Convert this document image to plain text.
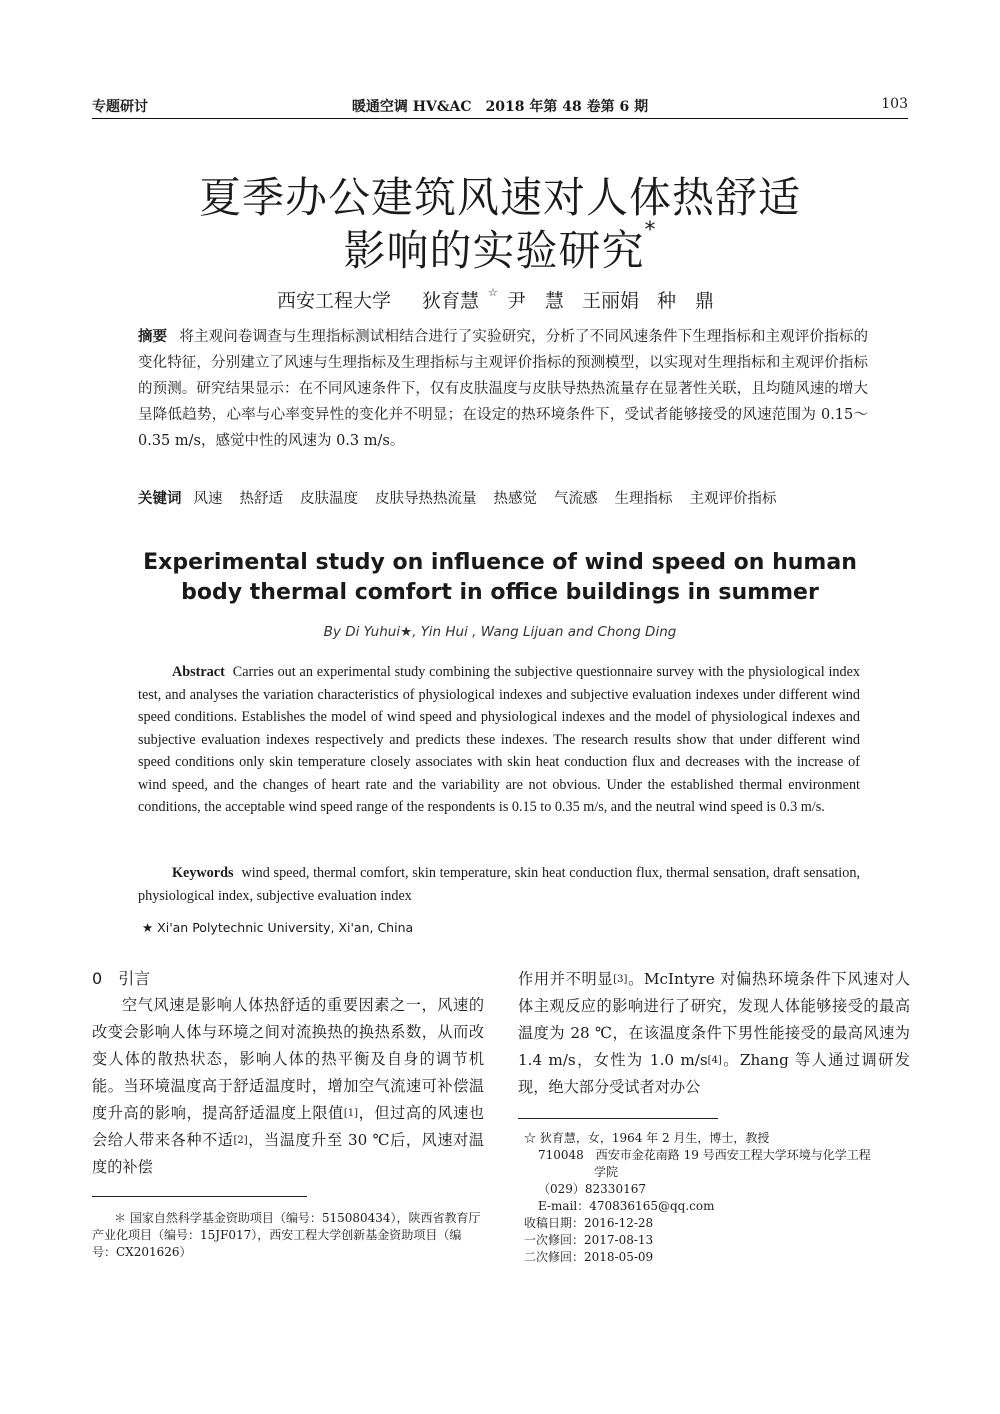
专题研讨	暖通空调 HV&AC　2018 年第 48 卷第 6 期	103
夏季办公建筑风速对人体热舒适
影响的实验研究*
西安工程大学 狄育慧 ☆ 尹　慧 王丽娟 种　鼎
摘要 将主观问卷调查与生理指标测试相结合进行了实验研究，分析了不同风速条件下生理指标和主观评价指标的变化特征，分别建立了风速与生理指标及生理指标与主观评价指标的预测模型，以实现对生理指标和主观评价指标的预测。研究结果显示：在不同风速条件下，仅有皮肤温度与皮肤导热热流量存在显著性关联，且均随风速的增大呈降低趋势，心率与心率变异性的变化并不明显；在设定的热环境条件下，受试者能够接受的风速范围为 0.15～0.35 m/s，感觉中性的风速为 0.3 m/s。
关键词 风速 热舒适 皮肤温度 皮肤导热热流量 热感觉 气流感 生理指标 主观评价指标
Experimental study on influence of wind speed on human
body thermal comfort in office buildings in summer
By Di Yuhui★, Yin Hui , Wang Lijuan and Chong Ding
Abstract Carries out an experimental study combining the subjective questionnaire survey with the physiological index test, and analyses the variation characteristics of physiological indexes and subjective evaluation indexes under different wind speed conditions. Establishes the model of wind speed and physiological indexes and the model of physiological indexes and subjective evaluation indexes respectively and predicts these indexes. The research results show that under different wind speed conditions only skin temperature closely associates with skin heat conduction flux and decreases with the increase of wind speed, and the changes of heart rate and the variability are not obvious. Under the established thermal environment conditions, the acceptable wind speed range of the respondents is 0.15 to 0.35 m/s, and the neutral wind speed is 0.3 m/s.
Keywords wind speed, thermal comfort, skin temperature, skin heat conduction flux, thermal sensation, draft sensation, physiological index, subjective evaluation index
★ Xi'an Polytechnic University, Xi'an, China
0 引言
空气风速是影响人体热舒适的重要因素之一，风速的改变会影响人体与环境之间对流换热的换热系数，从而改变人体的散热状态，影响人体的热平衡及自身的调节机能。当环境温度高于舒适温度时，增加空气流速可补偿温度升高的影响，提高舒适温度上限值[1]，但过高的风速也会给人带来各种不适[2]，当温度升至 30 ℃后，风速对温度的补偿
作用并不明显[3]。McIntyre 对偏热环境条件下风速对人体主观反应的影响进行了研究，发现人体能够接受的最高温度为 28 ℃，在该温度条件下男性能接受的最高风速为 1.4 m/s，女性为 1.0 m/s[4]。Zhang 等人通过调研发现，绝大部分受试者对办公
＊ 国家自然科学基金资助项目（编号：515080434），陕西省教育厅产业化项目（编号：15JF017），西安工程大学创新基金资助项目（编号：CX201626）
☆ 狄育慧，女，1964 年 2 月生，博士，教授
710048　西安市金花南路 19 号西安工程大学环境与化学工程
学院
（029）82330167
E-mail：470836165@qq.com
收稿日期：2016-12-28
一次修回：2017-08-13
二次修回：2018-05-09
